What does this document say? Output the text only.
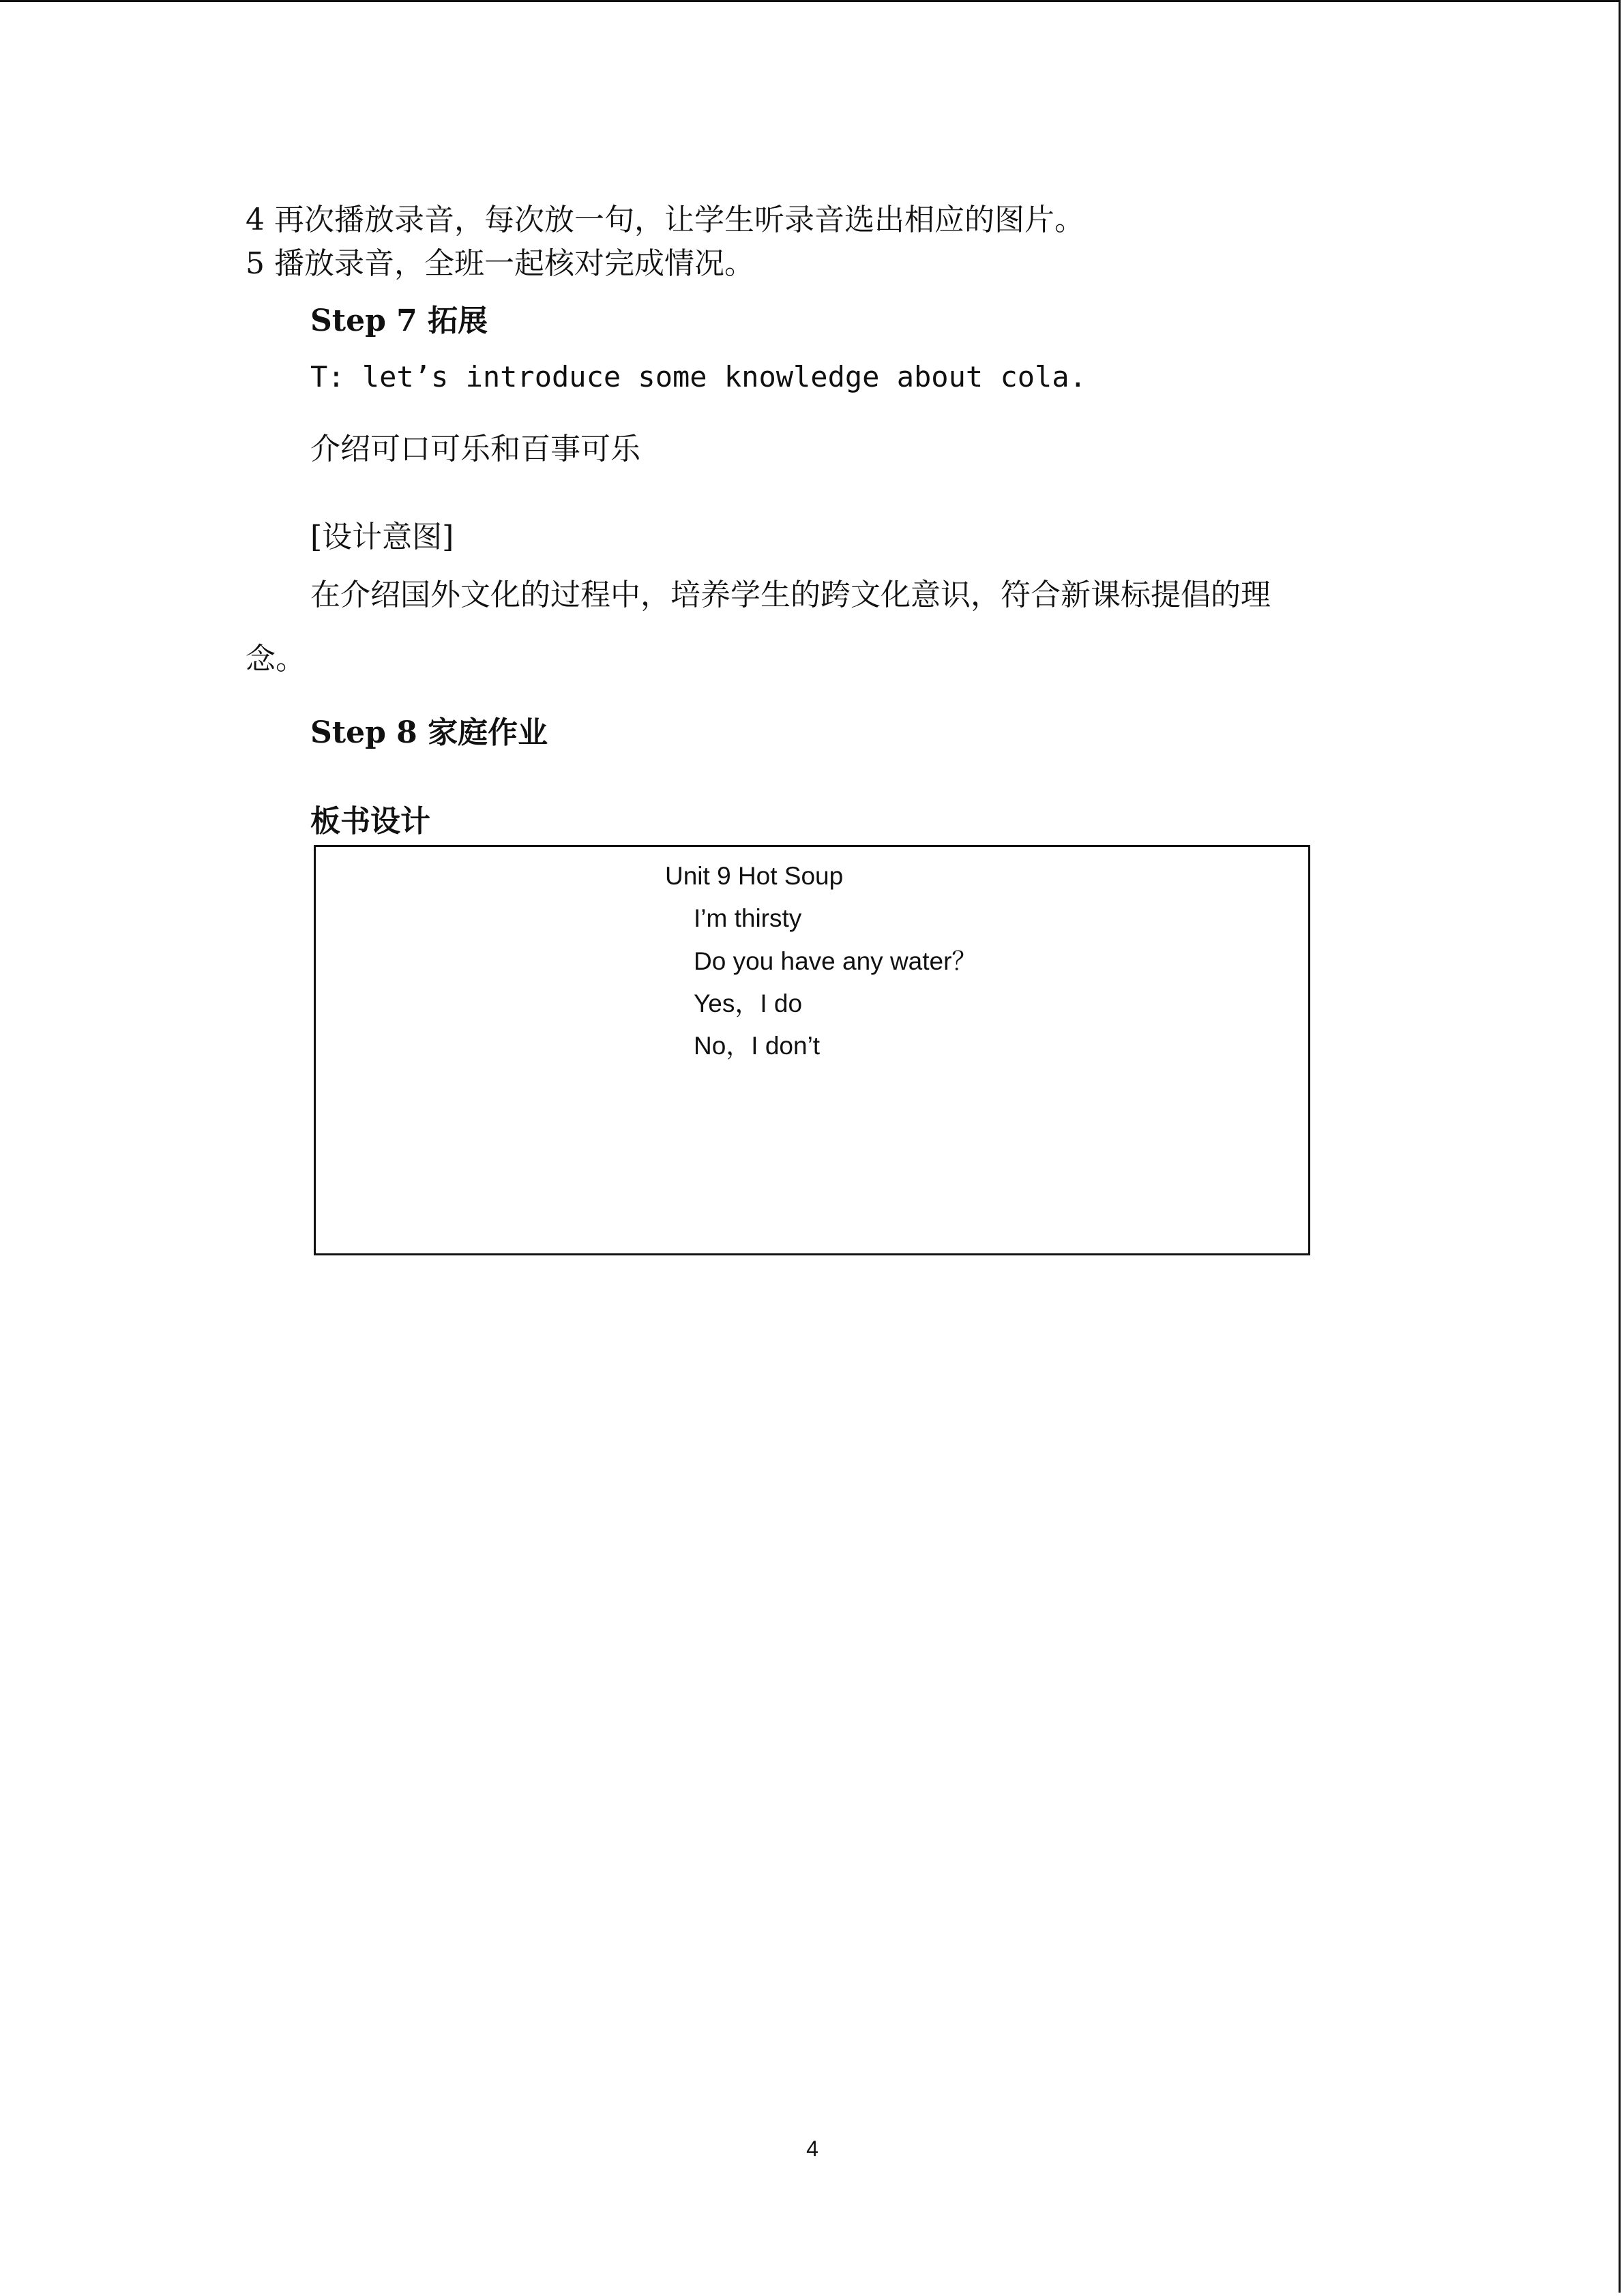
4 再次播放录音，每次放一句，让学生听录音选出相应的图片。
5 播放录音，全班一起核对完成情况。
Step 7 拓展
T: let’s introduce some knowledge about cola.
介绍可口可乐和百事可乐
[设计意图]
在介绍国外文化的过程中，培养学生的跨文化意识，符合新课标提倡的理
念。
Step 8 家庭作业
板书设计
Unit 9 Hot Soup
I’m thirsty
Do you have any water？
Yes，I do
No，I don’t
4
